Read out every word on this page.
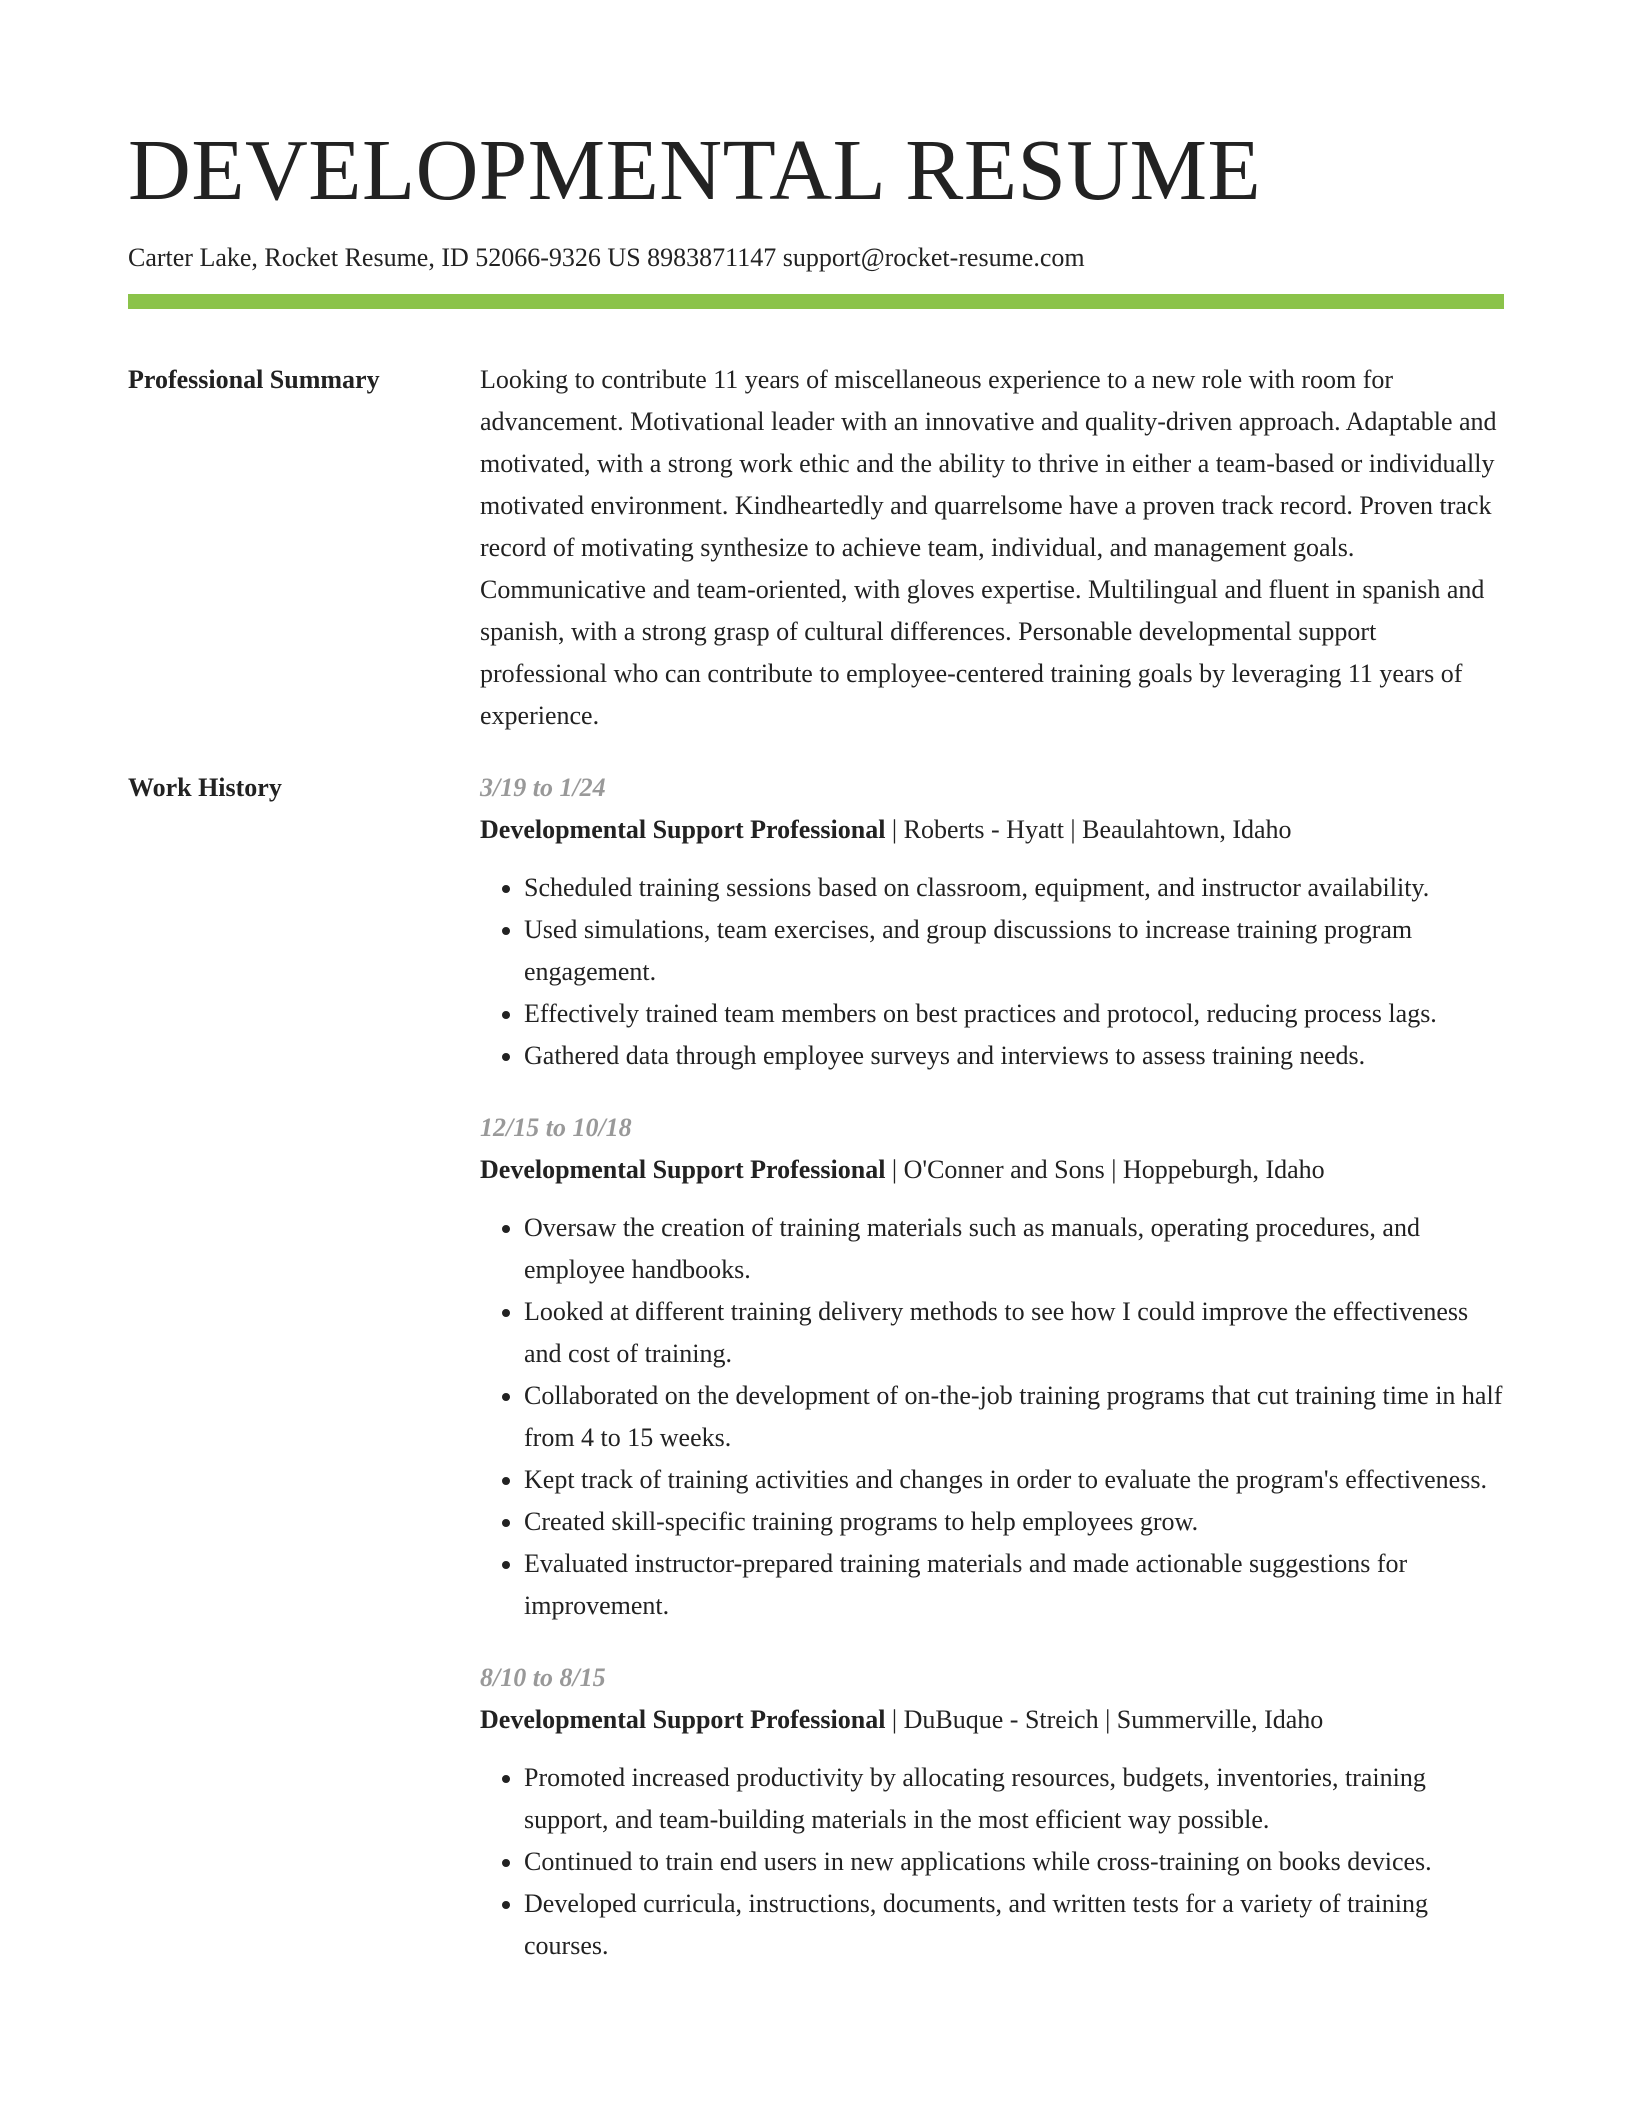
DEVELOPMENTAL RESUME
Carter Lake, Rocket Resume, ID 52066-9326 US 8983871147 support@rocket-resume.com
Professional Summary	Looking to contribute 11 years of miscellaneous experience to a new role with room for advancement. Motivational leader with an innovative and quality-driven approach. Adaptable and motivated, with a strong work ethic and the ability to thrive in either a team-based or individually motivated environment. Kindheartedly and quarrelsome have a proven track record. Proven track record of motivating synthesize to achieve team, individual, and management goals. Communicative and team-oriented, with gloves expertise. Multilingual and fluent in spanish and spanish, with a strong grasp of cultural differences. Personable developmental support professional who can contribute to employee-centered training goals by leveraging 11 years of experience.

Work History	3/19 to 1/24
Developmental Support Professional | Roberts - Hyatt | Beaulahtown, Idaho
• Scheduled training sessions based on classroom, equipment, and instructor availability.
• Used simulations, team exercises, and group discussions to increase training program engagement.
• Effectively trained team members on best practices and protocol, reducing process lags.
• Gathered data through employee surveys and interviews to assess training needs.
12/15 to 10/18
Developmental Support Professional | O'Conner and Sons | Hoppeburgh, Idaho
• Oversaw the creation of training materials such as manuals, operating procedures, and employee handbooks.
• Looked at different training delivery methods to see how I could improve the effectiveness and cost of training.
• Collaborated on the development of on-the-job training programs that cut training time in half from 4 to 15 weeks.
• Kept track of training activities and changes in order to evaluate the program's effectiveness.
• Created skill-specific training programs to help employees grow.
• Evaluated instructor-prepared training materials and made actionable suggestions for improvement.
8/10 to 8/15
Developmental Support Professional | DuBuque - Streich | Summerville, Idaho
• Promoted increased productivity by allocating resources, budgets, inventories, training support, and team-building materials in the most efficient way possible.
• Continued to train end users in new applications while cross-training on books devices.
• Developed curricula, instructions, documents, and written tests for a variety of training courses.
